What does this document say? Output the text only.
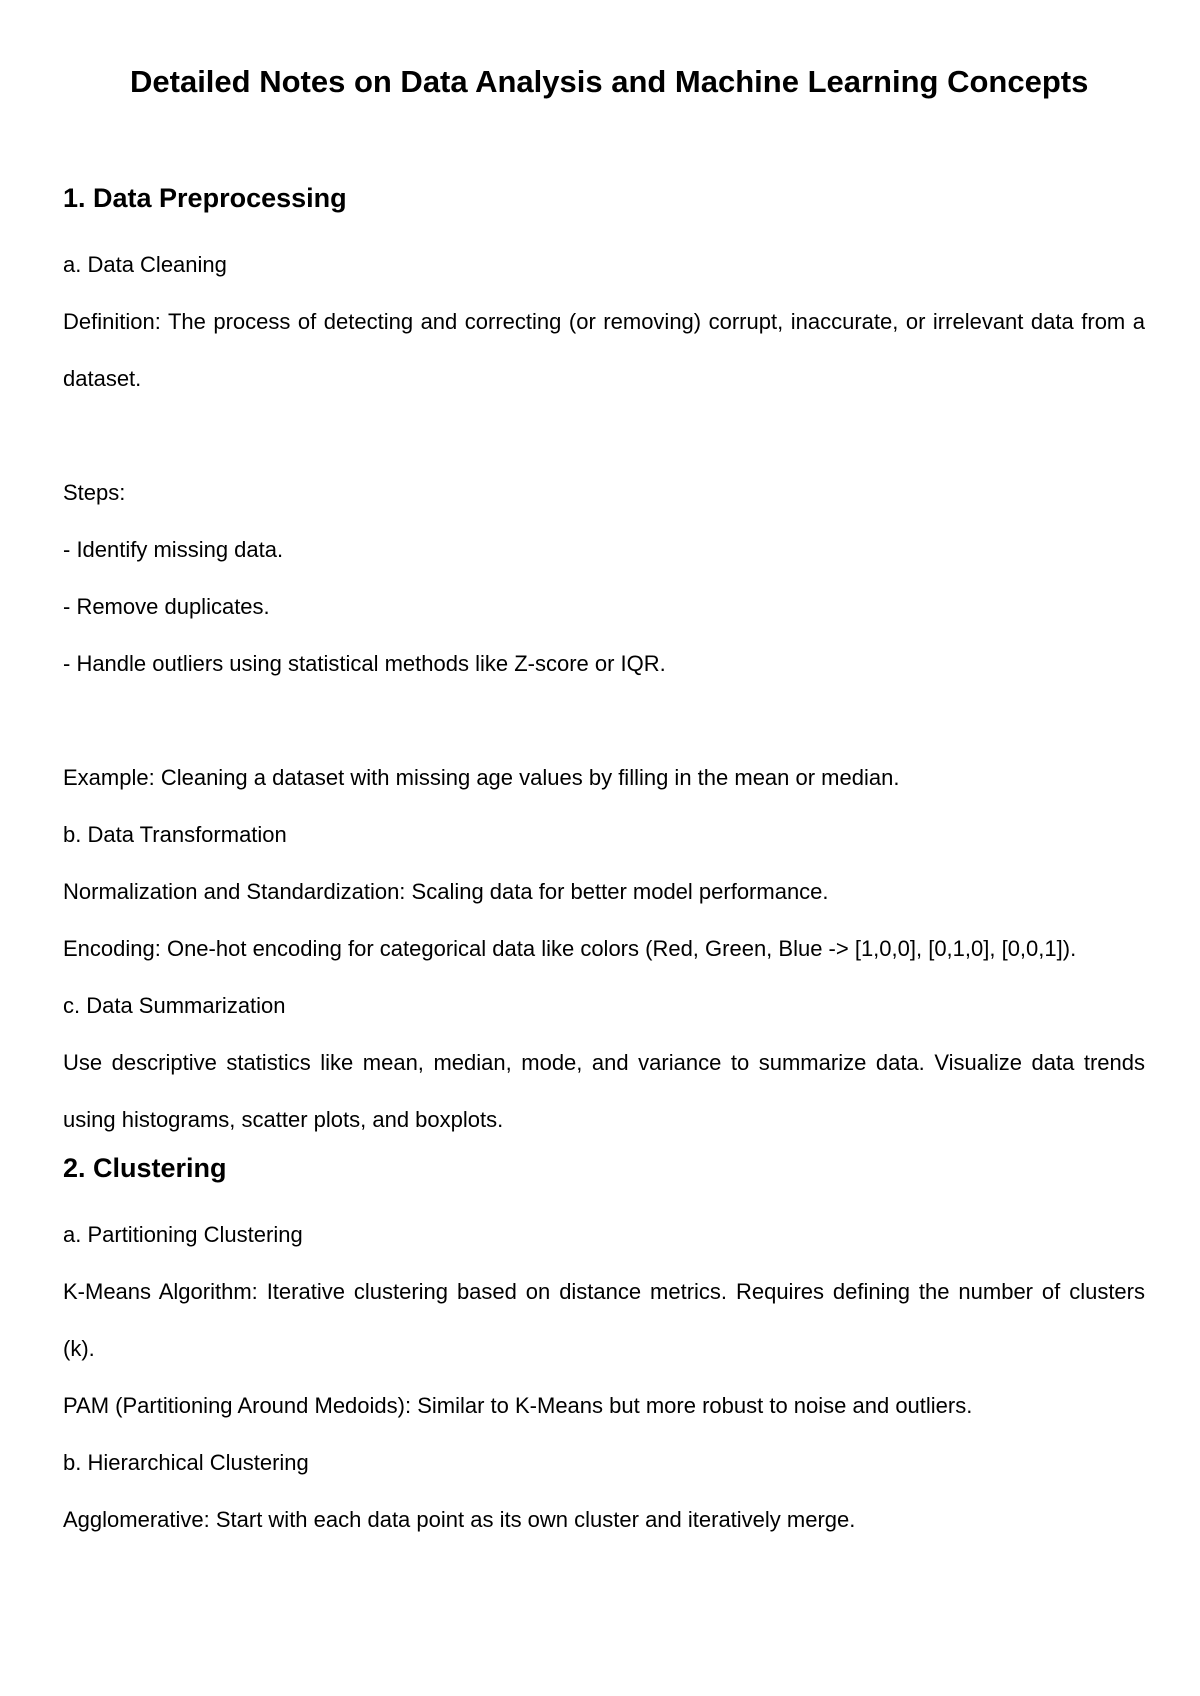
Detailed Notes on Data Analysis and Machine Learning Concepts
1. Data Preprocessing

a. Data Cleaning

Definition: The process of detecting and correcting (or removing) corrupt, inaccurate, or irrelevant data from a dataset.

Steps:

- Identify missing data.

- Remove duplicates.

- Handle outliers using statistical methods like Z-score or IQR.

Example: Cleaning a dataset with missing age values by filling in the mean or median.

b. Data Transformation

Normalization and Standardization: Scaling data for better model performance.

Encoding: One-hot encoding for categorical data like colors (Red, Green, Blue -> [1,0,0], [0,1,0], [0,0,1]).

c. Data Summarization

Use descriptive statistics like mean, median, mode, and variance to summarize data. Visualize data trends using histograms, scatter plots, and boxplots.

2. Clustering

a. Partitioning Clustering

K-Means Algorithm: Iterative clustering based on distance metrics. Requires defining the number of clusters (k).

PAM (Partitioning Around Medoids): Similar to K-Means but more robust to noise and outliers.

b. Hierarchical Clustering

Agglomerative: Start with each data point as its own cluster and iteratively merge.
